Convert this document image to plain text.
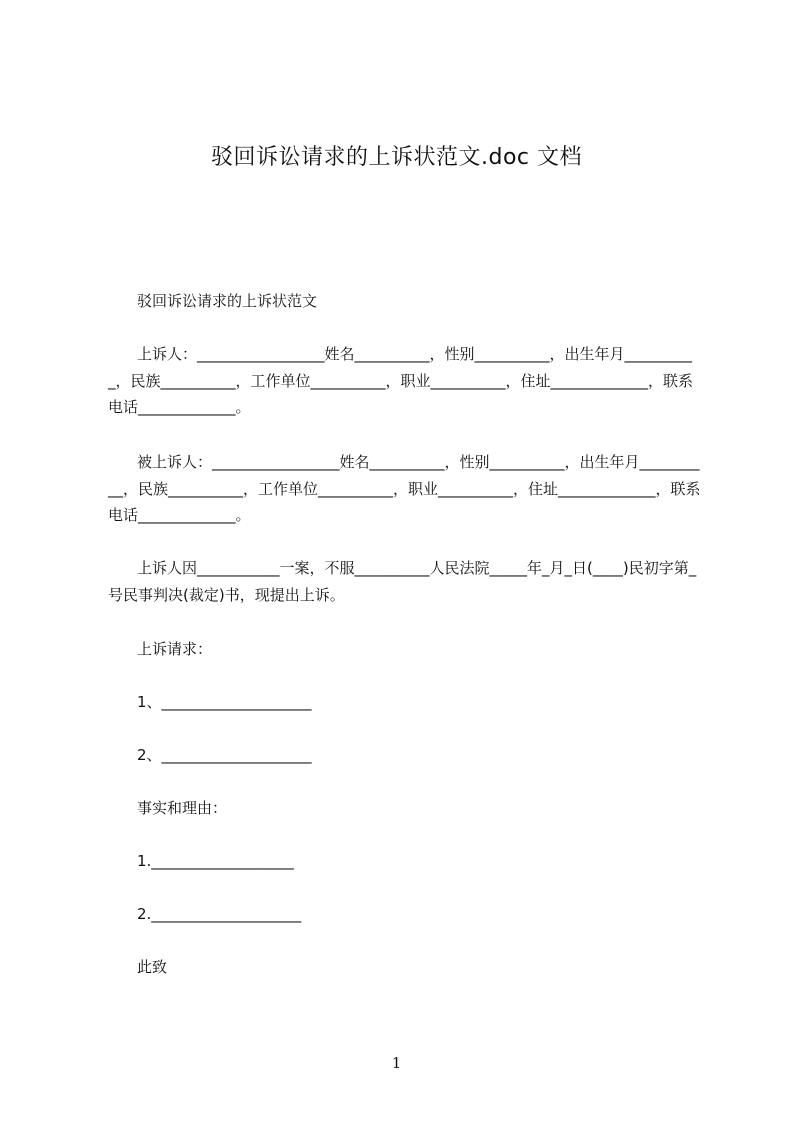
驳回诉讼请求的上诉状范文.doc 文档
驳回诉讼请求的上诉状范文
上诉人：_________________姓名__________，性别__________，出生年月__________，民族__________，工作单位__________，职业__________，住址_____________，联系电话_____________。
被上诉人：_________________姓名__________，性别__________，出生年月__________，民族__________，工作单位__________，职业__________，住址_____________，联系电话_____________。
上诉人因___________一案，不服__________人民法院_____年_月_日(____)民初字第_号民事判决(裁定)书，现提出上诉。
上诉请求：
1、____________________
2、____________________
事实和理由：
1.___________________
2.____________________
此致
1
